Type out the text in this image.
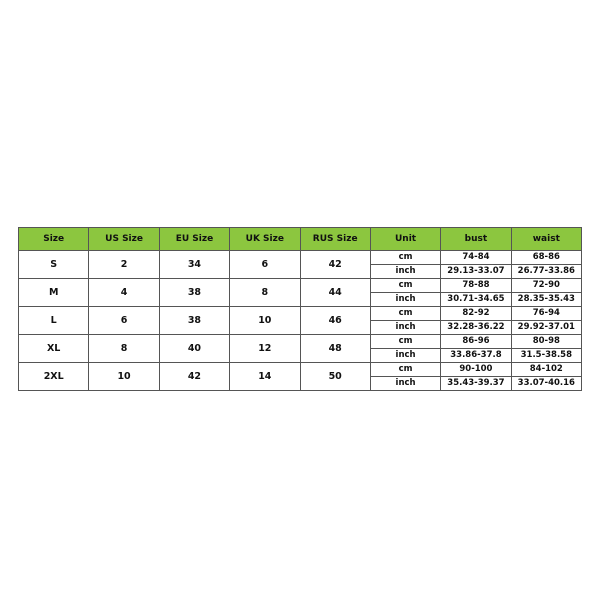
Size	US Size	EU Size	UK Size	RUS Size	Unit	bust	waist
S	2	34	6	42	cm	74-84	68-86
					inch	29.13-33.07	26.77-33.86
M	4	38	8	44	cm	78-88	72-90
					inch	30.71-34.65	28.35-35.43
L	6	38	10	46	cm	82-92	76-94
					inch	32.28-36.22	29.92-37.01
XL	8	40	12	48	cm	86-96	80-98
					inch	33.86-37.8	31.5-38.58
2XL	10	42	14	50	cm	90-100	84-102
					inch	35.43-39.37	33.07-40.16
